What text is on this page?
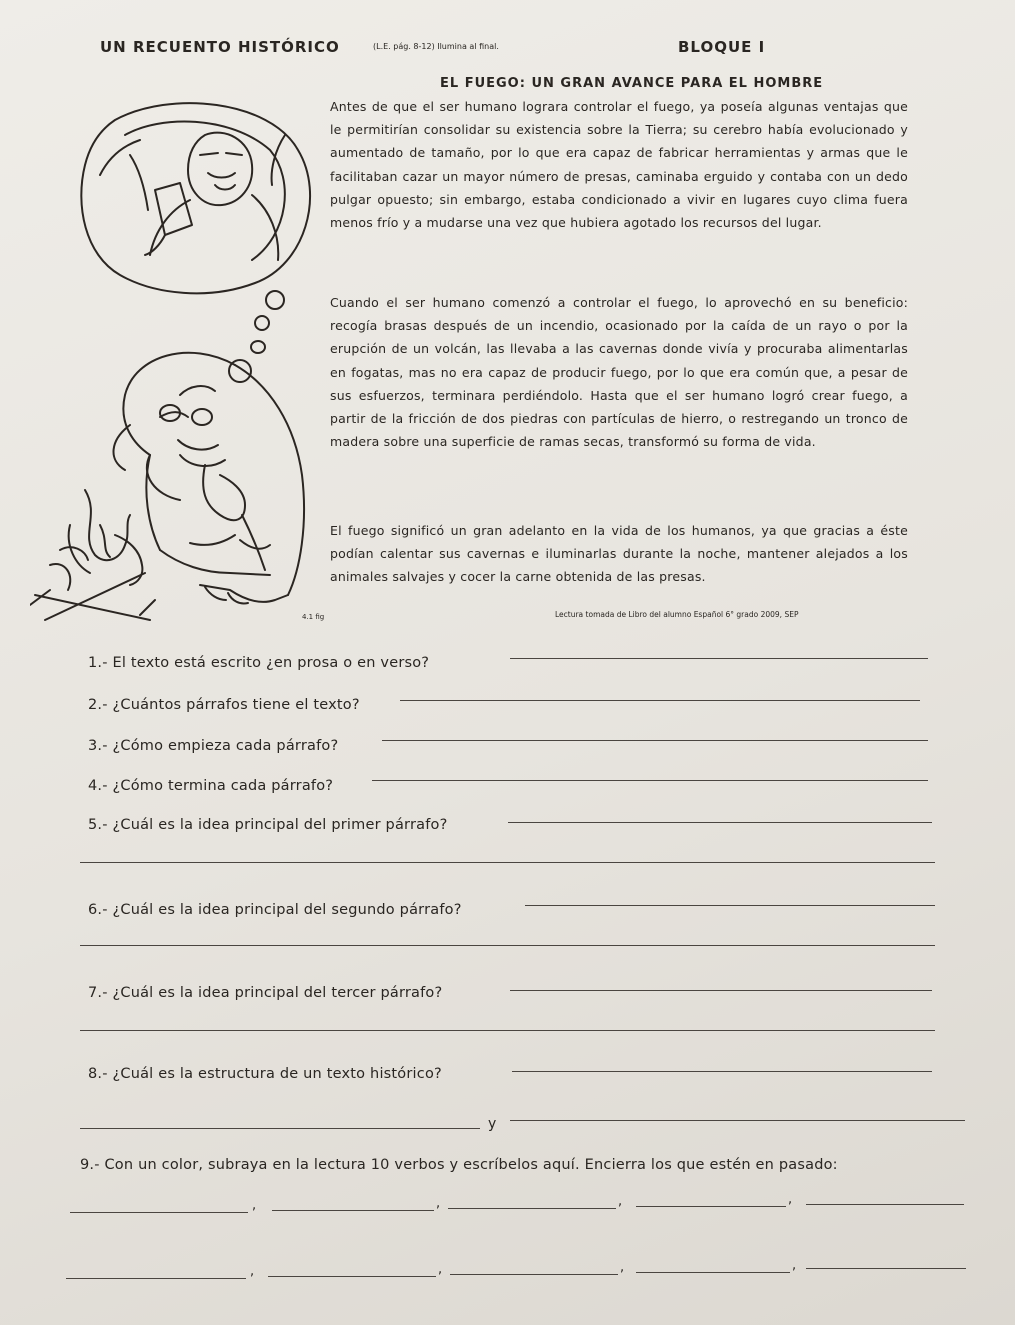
UN RECUENTO HISTÓRICO	(L.E. pág. 8-12) Ilumina al final.	BLOQUE I
EL FUEGO: UN GRAN AVANCE PARA EL HOMBRE

Antes de que el ser humano lograra controlar el fuego, ya poseía algunas ventajas que le permitirían consolidar su existencia sobre la Tierra; su cerebro había evolucionado y aumentado de tamaño, por lo que era capaz de fabricar herramientas y armas que le facilitaban cazar un mayor número de presas, caminaba erguido y contaba con un dedo pulgar opuesto; sin embargo, estaba condicionado a vivir en lugares cuyo clima fuera menos frío y a mudarse una vez que hubiera agotado los recursos del lugar.

Cuando el ser humano comenzó a controlar el fuego, lo aprovechó en su beneficio: recogía brasas después de un incendio, ocasionado por la caída de un rayo o por la erupción de un volcán, las llevaba a las cavernas donde vivía y procuraba alimentarlas en fogatas, mas no era capaz de producir fuego, por lo que era común que, a pesar de sus esfuerzos, terminara perdiéndolo. Hasta que el ser humano logró crear fuego, a partir de la fricción de dos piedras con partículas de hierro, o restregando un tronco de madera sobre una superficie de ramas secas, transformó su forma de vida.

El fuego significó un gran adelanto en la vida de los humanos, ya que gracias a éste podían calentar sus cavernas e iluminarlas durante la noche, mantener alejados a los animales salvajes y cocer la carne obtenida de las presas.

4.1 fig	Lectura tomada de Libro del alumno Español 6° grado 2009, SEP
1.- El texto está escrito ¿en prosa o en verso?
2.- ¿Cuántos párrafos tiene el texto?
3.- ¿Cómo empieza cada párrafo?
4.- ¿Cómo termina cada párrafo?
5.- ¿Cuál es la idea principal del primer párrafo?
6.- ¿Cuál es la idea principal del segundo párrafo?
7.- ¿Cuál es la idea principal del tercer párrafo?
8.- ¿Cuál es la estructura de un texto histórico?
y
9.- Con un color, subraya en la lectura 10 verbos y escríbelos aquí. Encierra los que estén en pasado:
,	,	,	,
,	,	,	,
